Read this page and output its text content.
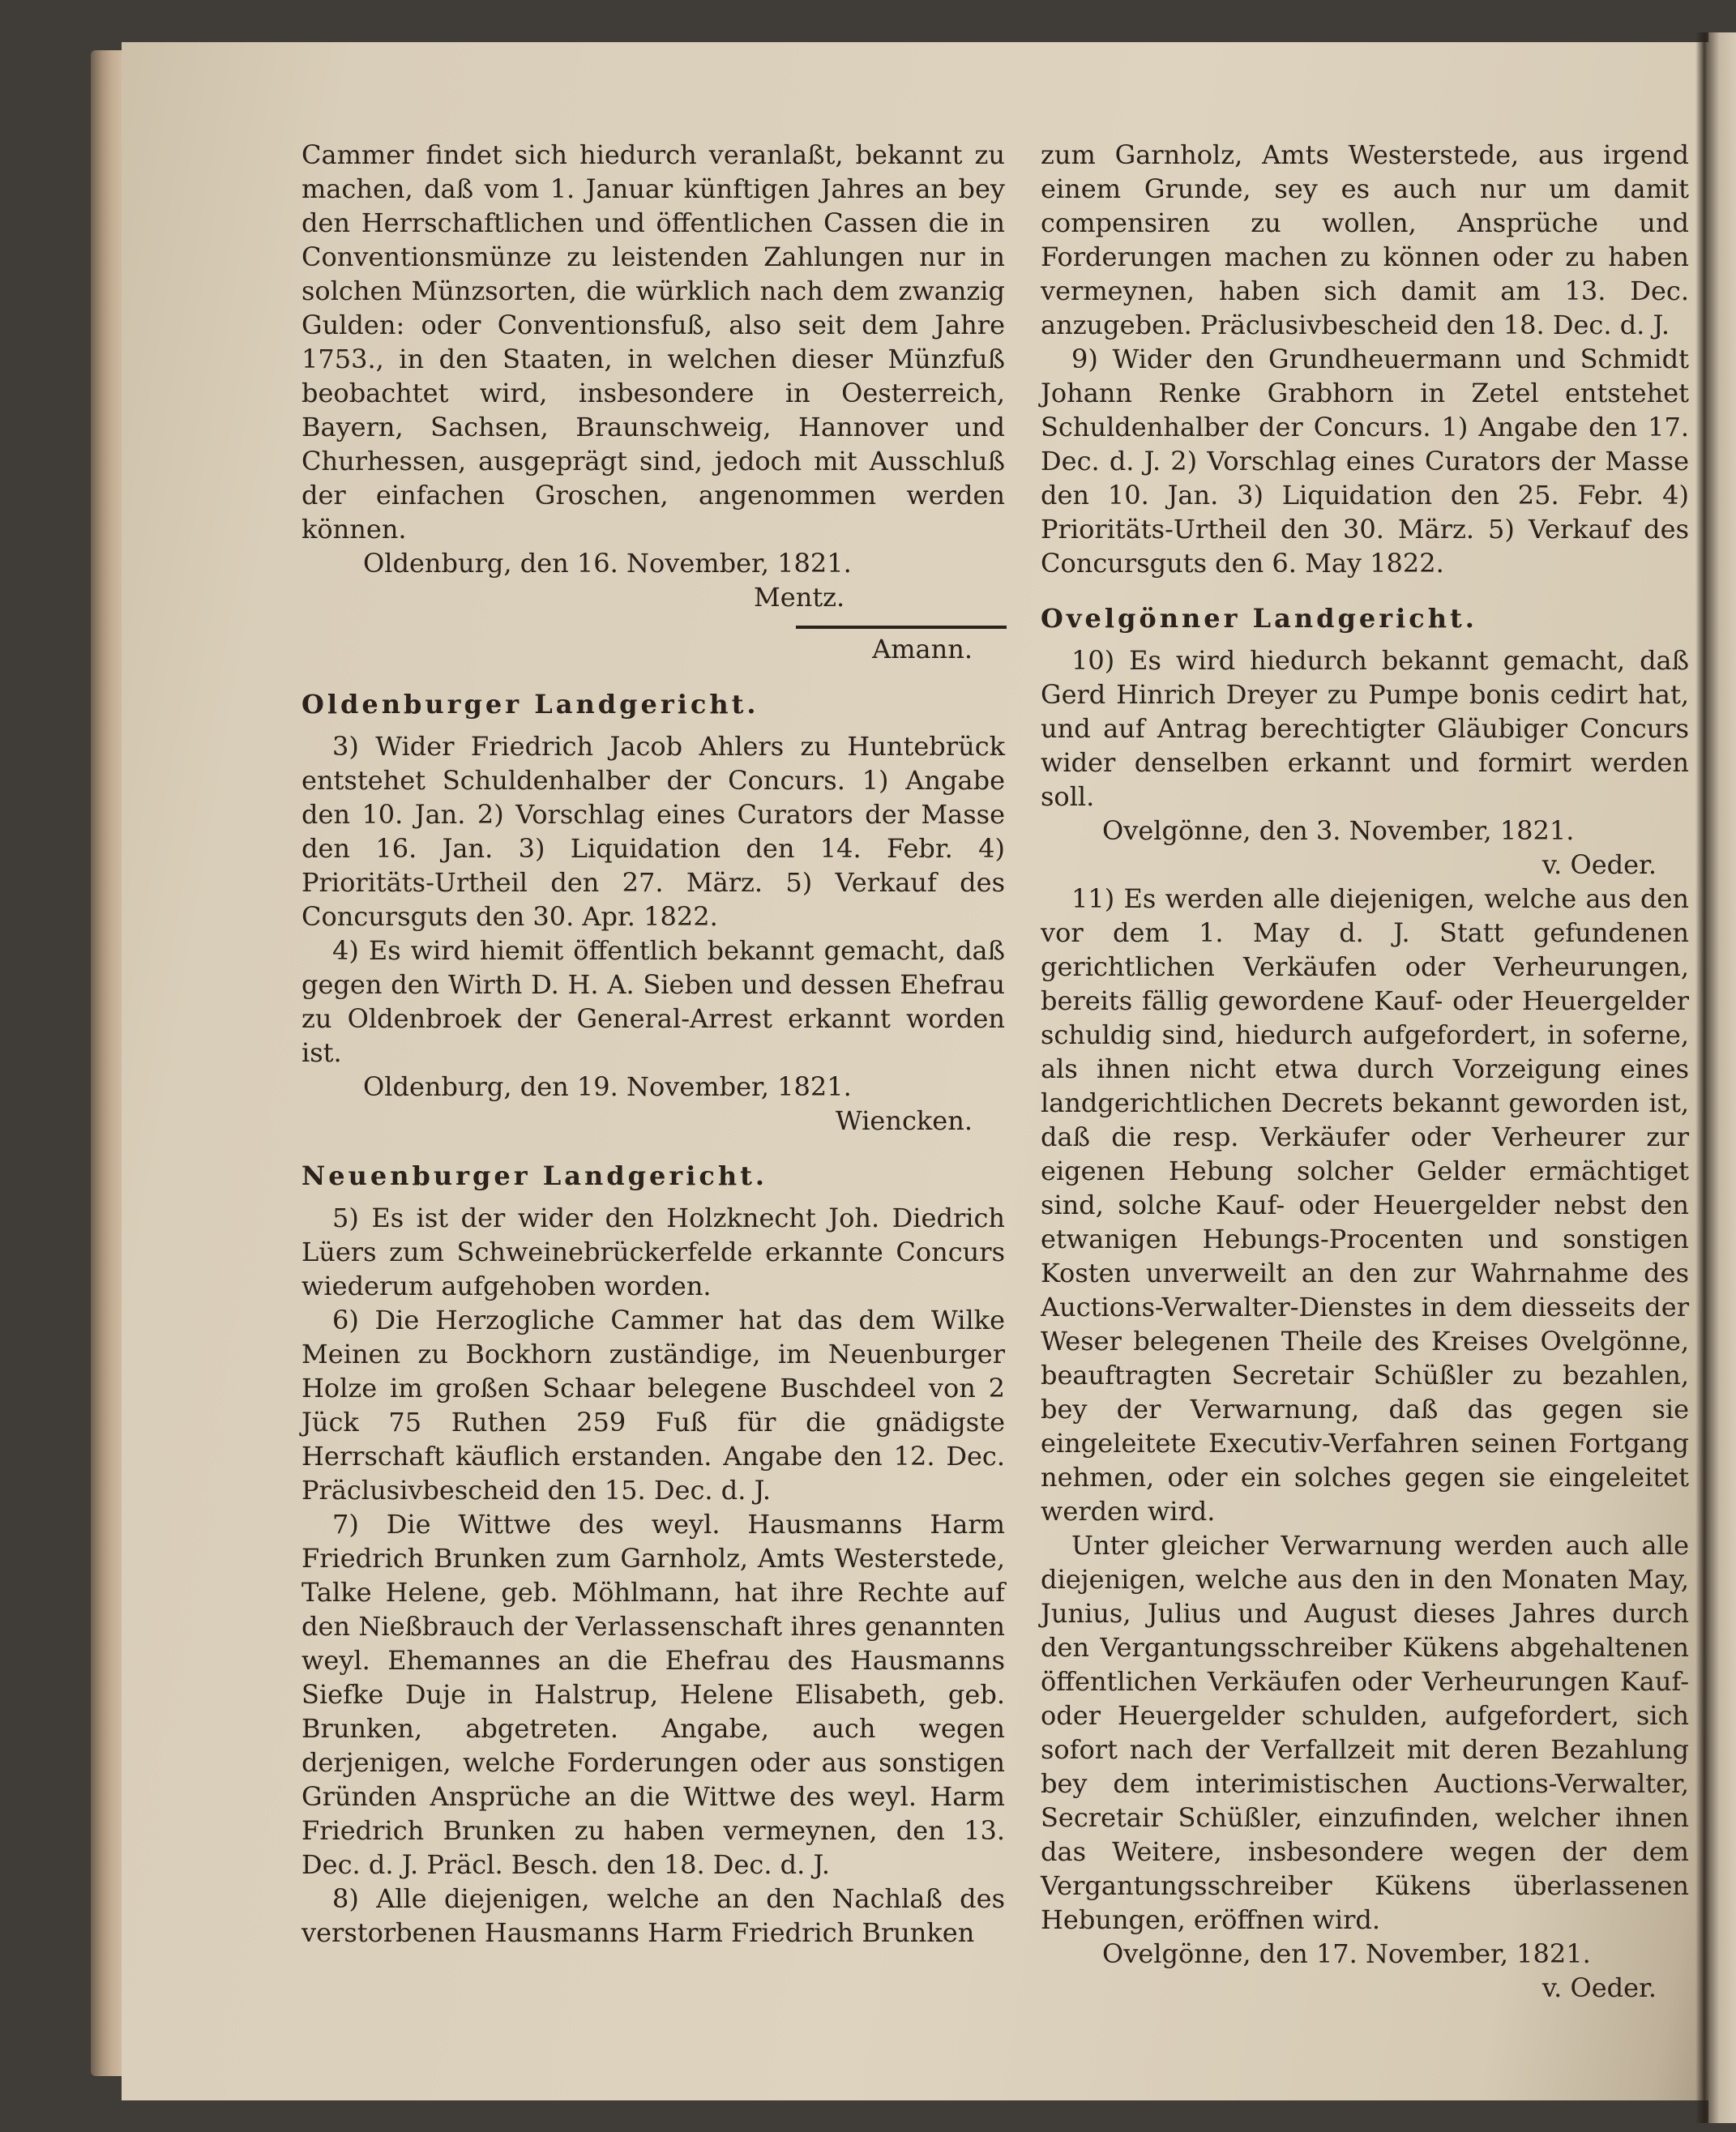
Cammer findet sich hiedurch veranlaßt, bekannt zu machen, daß vom 1. Januar künftigen Jahres an bey den Herrschaftlichen und öffentlichen Cassen die in Conventionsmünze zu leistenden Zahlungen nur in solchen Münzsorten, die würklich nach dem zwanzig Gulden: oder Conventionsfuß, also seit dem Jahre 1753., in den Staaten, in welchen dieser Münzfuß beobachtet wird, insbesondere in Oesterreich, Bayern, Sachsen, Braunschweig, Hannover und Churhessen, ausgeprägt sind, jedoch mit Ausschluß der einfachen Groschen, angenommen werden können.

Oldenburg, den 16. November, 1821.

Mentz.

Amann.

Oldenburger Landgericht.

3) Wider Friedrich Jacob Ahlers zu Huntebrück entstehet Schuldenhalber der Concurs. 1) Angabe den 10. Jan. 2) Vorschlag eines Curators der Masse den 16. Jan. 3) Liquidation den 14. Febr. 4) Prioritäts-Urtheil den 27. März. 5) Verkauf des Concursguts den 30. Apr. 1822.

4) Es wird hiemit öffentlich bekannt gemacht, daß gegen den Wirth D. H. A. Sieben und dessen Ehefrau zu Oldenbroek der General-Arrest erkannt worden ist.

Oldenburg, den 19. November, 1821.

Wiencken.

Neuenburger Landgericht.

5) Es ist der wider den Holzknecht Joh. Diedrich Lüers zum Schweinebrückerfelde erkannte Concurs wiederum aufgehoben worden.

6) Die Herzogliche Cammer hat das dem Wilke Meinen zu Bockhorn zuständige, im Neuenburger Holze im großen Schaar belegene Buschdeel von 2 Jück 75 Ruthen 259 Fuß für die gnädigste Herrschaft käuflich erstanden. Angabe den 12. Dec. Präclusivbescheid den 15. Dec. d. J.

7) Die Wittwe des weyl. Hausmanns Harm Friedrich Brunken zum Garnholz, Amts Westerstede, Talke Helene, geb. Möhlmann, hat ihre Rechte auf den Nießbrauch der Verlassenschaft ihres genannten weyl. Ehemannes an die Ehefrau des Hausmanns Siefke Duje in Halstrup, Helene Elisabeth, geb. Brunken, abgetreten. Angabe, auch wegen derjenigen, welche Forderungen oder aus sonstigen Gründen Ansprüche an die Wittwe des weyl. Harm Friedrich Brunken zu haben vermeynen, den 13. Dec. d. J. Präcl. Besch. den 18. Dec. d. J.

8) Alle diejenigen, welche an den Nachlaß des verstorbenen Hausmanns Harm Friedrich Brunken

zum Garnholz, Amts Westerstede, aus irgend einem Grunde, sey es auch nur um damit compensiren zu wollen, Ansprüche und Forderungen machen zu können oder zu haben vermeynen, haben sich damit am 13. Dec. anzugeben. Präclusivbescheid den 18. Dec. d. J.

9) Wider den Grundheuermann und Schmidt Johann Renke Grabhorn in Zetel entstehet Schuldenhalber der Concurs. 1) Angabe den 17. Dec. d. J. 2) Vorschlag eines Curators der Masse den 10. Jan. 3) Liquidation den 25. Febr. 4) Prioritäts-Urtheil den 30. März. 5) Verkauf des Concursguts den 6. May 1822.

Ovelgönner Landgericht.

10) Es wird hiedurch bekannt gemacht, daß Gerd Hinrich Dreyer zu Pumpe bonis cedirt hat, und auf Antrag berechtigter Gläubiger Concurs wider denselben erkannt und formirt werden soll.

Ovelgönne, den 3. November, 1821.

v. Oeder.

11) Es werden alle diejenigen, welche aus den vor dem 1. May d. J. Statt gefundenen gerichtlichen Verkäufen oder Verheurungen, bereits fällig gewordene Kauf- oder Heuergelder schuldig sind, hiedurch aufgefordert, in soferne, als ihnen nicht etwa durch Vorzeigung eines landgerichtlichen Decrets bekannt geworden ist, daß die resp. Verkäufer oder Verheurer zur eigenen Hebung solcher Gelder ermächtiget sind, solche Kauf- oder Heuergelder nebst den etwanigen Hebungs-Procenten und sonstigen Kosten unverweilt an den zur Wahrnahme des Auctions-Verwalter-Dienstes in dem diesseits der Weser belegenen Theile des Kreises Ovelgönne, beauftragten Secretair Schüßler zu bezahlen, bey der Verwarnung, daß das gegen sie eingeleitete Executiv-Verfahren seinen Fortgang nehmen, oder ein solches gegen sie eingeleitet werden wird.

Unter gleicher Verwarnung werden auch alle diejenigen, welche aus den in den Monaten May, Junius, Julius und August dieses Jahres durch den Vergantungsschreiber Kükens abgehaltenen öffentlichen Verkäufen oder Verheurungen Kauf- oder Heuergelder schulden, aufgefordert, sich sofort nach der Verfallzeit mit deren Bezahlung bey dem interimistischen Auctions-Verwalter, Secretair Schüßler, einzufinden, welcher ihnen das Weitere, insbesondere wegen der dem Vergantungsschreiber Kükens überlassenen Hebungen, eröffnen wird.

Ovelgönne, den 17. November, 1821.

v. Oeder.
